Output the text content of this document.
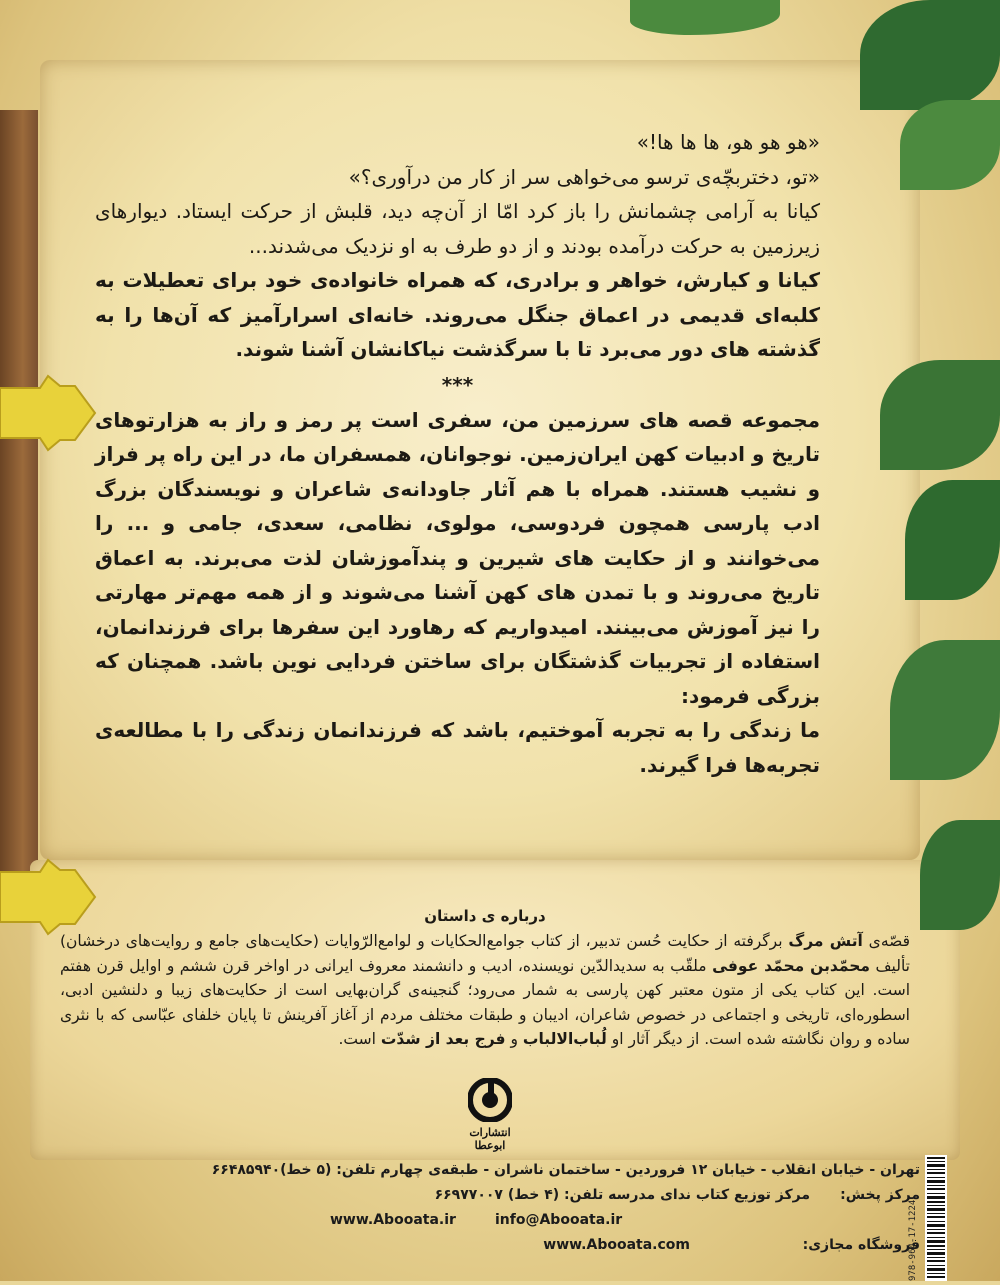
«هو هو هو، ها ها ها!»

«تو، دختربچّه‌ی ترسو می‌خواهی سر از کار من درآوری؟»

کیانا به آرامی چشمانش را باز کرد امّا از آن‌چه دید، قلبش از حرکت ایستاد. دیوارهای زیرزمین به حرکت درآمده بودند و از دو طرف به او نزدیک می‌شدند...

کیانا و کیارش، خواهر و برادری، که همراه خانواده‌ی خود برای تعطیلات به کلبه‌ای قدیمی در اعماق جنگل می‌روند. خانه‌ای اسرارآمیز که آن‌ها را به گذشته‌ های دور می‌برد تا با سرگذشت نیاکانشان آشنا شوند.

***

مجموعه قصه‌ های سرزمین من، سفری است پر رمز و راز به هزارتوهای تاریخ و ادبیات کهن ایران‌زمین. نوجوانان، همسفران ما، در این راه پر فراز و نشیب هستند. همراه با هم آثار جاودانه‌ی شاعران و نویسندگان بزرگ ادب پارسی همچون فردوسی، مولوی، نظامی، سعدی، جامی و ... را می‌خوانند و از حکایت‌ های شیرین و پندآموزشان لذت می‌برند. به اعماق تاریخ می‌روند و با تمدن‌ های کهن آشنا می‌شوند و از همه مهم‌تر مهارتی را نیز آموزش می‌بینند. امیدواریم که رهاورد این سفرها برای فرزندانمان، استفاده از تجربیات گذشتگان برای ساختن فردایی نوین باشد. همچنان که بزرگی فرمود:

ما زندگی را به تجربه آموختیم، باشد که فرزندانمان زندگی را با مطالعه‌ی تجربه‌ها فرا گیرند.

درباره‌ ی داستان
قصّه‌ی آتش مرگ برگرفته از حکایت حُسن تدبیر، از کتاب جوامع‌الحکایات و لوامع‌الرّوایات (حکایت‌های جامع و روایت‌های درخشان) تألیف محمّدبن محمّد عوفی ملقّب به سدیدالدّین نویسنده، ادیب و دانشمند معروف ایرانی در اواخر قرن ششم و اوایل قرن هفتم است. این کتاب یکی از متون معتبر کهن پارسی به شمار می‌رود؛ گنجینه‌ی گران‌بهایی است از حکایت‌های زیبا و دلنشین ادبی، اسطوره‌ای، تاریخی و اجتماعی در خصوص شاعران، ادیبان و طبقات مختلف مردم از آغاز آفرینش تا پایان خلفای عبّاسی که با نثری ساده و روان نگاشته شده است. از دیگر آثار او لُباب‌الالباب و فرج بعد از شدّت است.
انتشارات ابوعطا
تهران - خیابان انقلاب - خیابان ۱۲ فروردین - ساختمان ناشران - طبقه‌ی چهارم تلفن: (۵ خط)۶۶۴۸۵۹۴۰
مرکز پخش:
مرکز توزیع کتاب ندای مدرسه تلفن: (۴ خط) ۶۶۹۷۷۰۰۷
www.Abooata.ir	info@Abooata.ir
فروشگاه مجازی:
www.Abooata.com	978-964-17-1224
